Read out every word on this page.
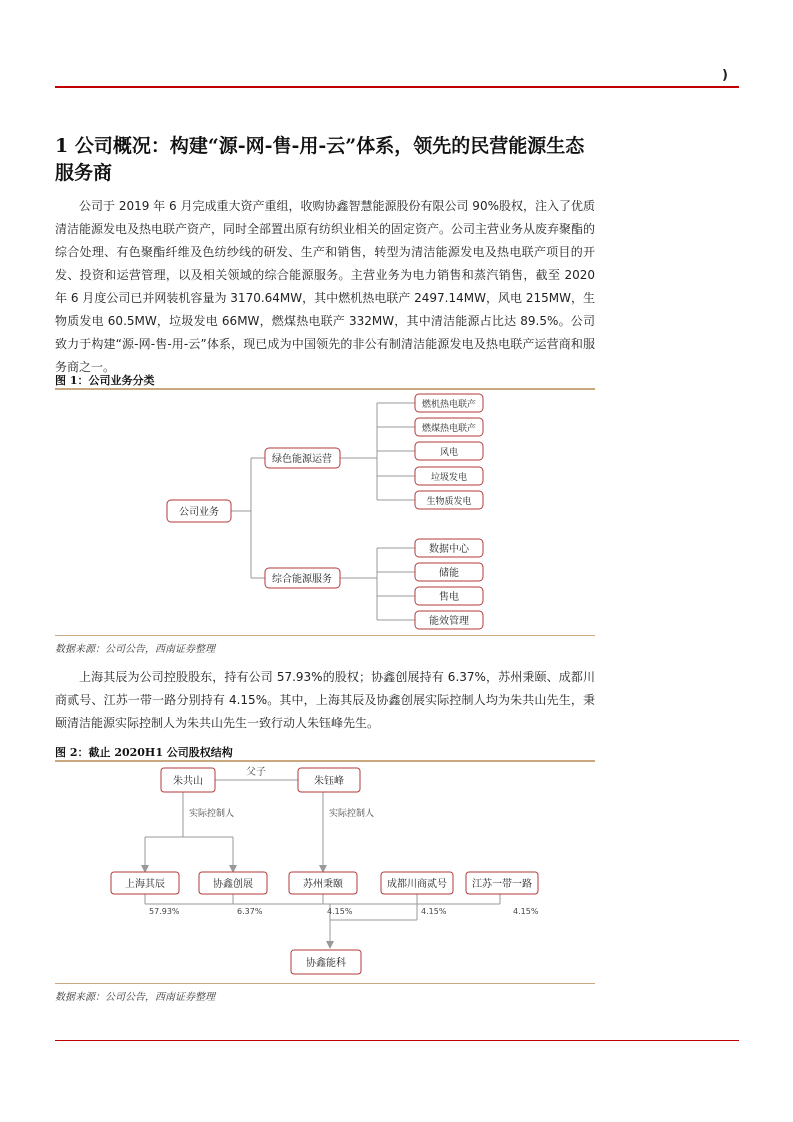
)
1 公司概况：构建“源-网-售-用-云”体系，领先的民营能源生态服务商

公司于 2019 年 6 月完成重大资产重组，收购协鑫智慧能源股份有限公司 90%股权，注入了优质清洁能源发电及热电联产资产，同时全部置出原有纺织业相关的固定资产。公司主营业务从废弃聚酯的综合处理、有色聚酯纤维及色纺纱线的研发、生产和销售，转型为清洁能源发电及热电联产项目的开发、投资和运营管理，以及相关领域的综合能源服务。主营业务为电力销售和蒸汽销售，截至 2020 年 6 月度公司已并网装机容量为 3170.64MW，其中燃机热电联产 2497.14MW，风电 215MW，生物质发电 60.5MW，垃圾发电 66MW，燃煤热电联产 332MW，其中清洁能源占比达 89.5%。公司致力于构建“源-网-售-用-云”体系，现已成为中国领先的非公有制清洁能源发电及热电联产运营商和服务商之一。

图 1：公司业务分类
公司业务
绿色能源运营
综合能源服务
燃机热电联产
燃煤热电联产
风电
垃圾发电
生物质发电
数据中心
储能
售电
能效管理
数据来源：公司公告，西南证券整理

上海其辰为公司控股股东，持有公司 57.93%的股权；协鑫创展持有 6.37%，苏州秉颐、成都川商贰号、江苏一带一路分别持有 4.15%。其中，上海其辰及协鑫创展实际控制人均为朱共山先生，秉颐清洁能源实际控制人为朱共山先生一致行动人朱钰峰先生。

图 2：截止 2020H1 公司股权结构
朱共山	朱钰峰
父子
实际控制人	实际控制人
上海其辰
57.93%
协鑫创展
6.37%
苏州秉颐
4.15%
成都川商贰号
4.15%
江苏一带一路
4.15%
协鑫能科
数据来源：公司公告，西南证券整理
